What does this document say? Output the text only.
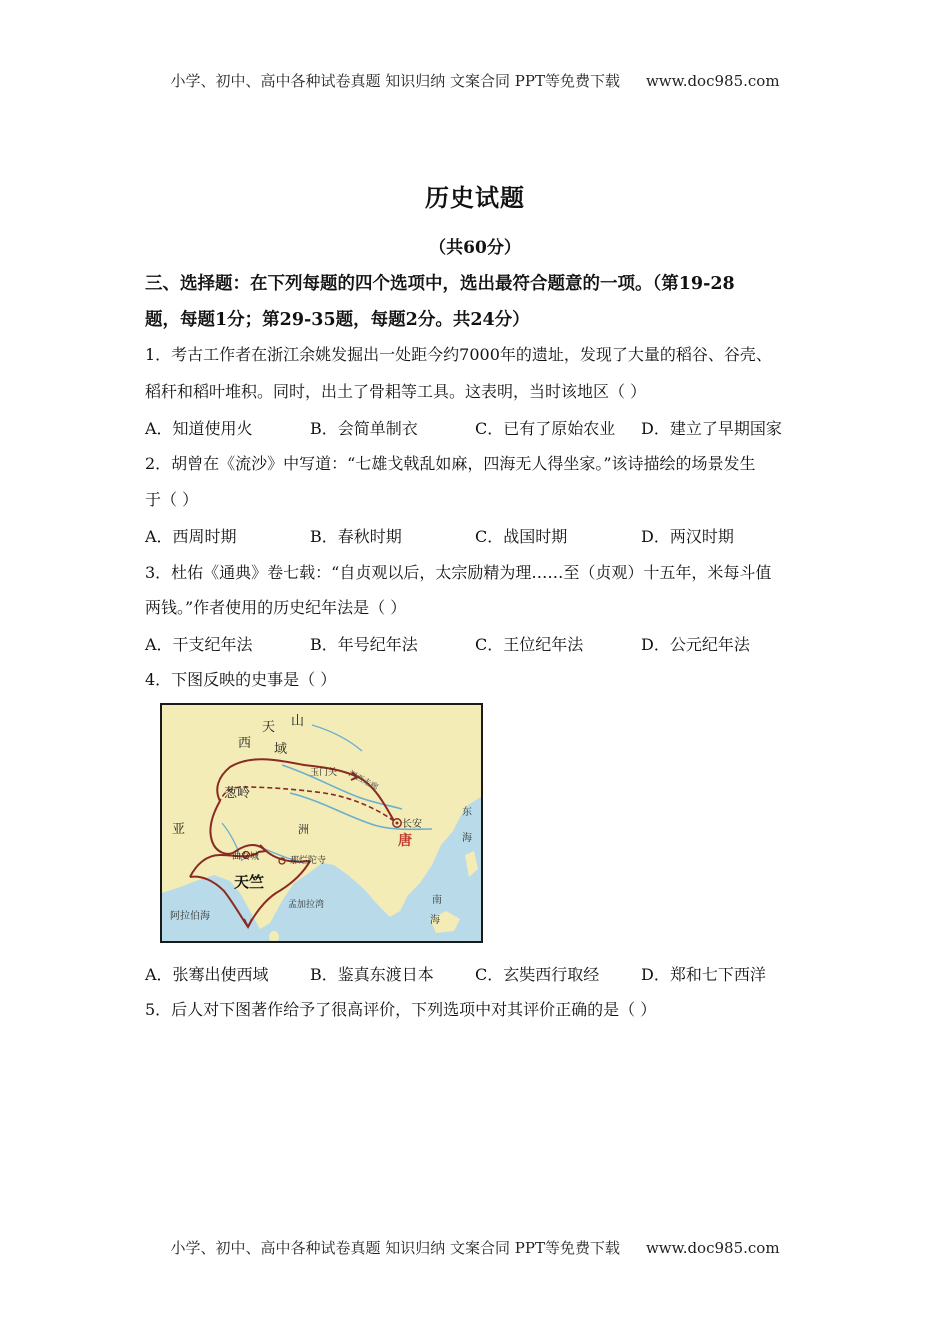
小学、初中、高中各种试卷真题 知识归纳 文案合同 PPT等免费下载 www.doc985.com
历史试题
（共60分）
三、选择题：在下列每题的四个选项中，选出最符合题意的一项。（第19-28
题，每题1分；第29-35题，每题2分。共24分）
1．考古工作者在浙江余姚发掘出一处距今约7000年的遗址，发现了大量的稻谷、谷壳、
稻秆和稻叶堆积。同时，出土了骨耜等工具。这表明，当时该地区（ ）
A．知道使用火	B．会简单制衣	C．已有了原始农业 D．建立了早期国家
2．胡曾在《流沙》中写道：“七雄戈戟乱如麻，四海无人得坐家。”该诗描绘的场景发生
于（ ）
A．西周时期	B．春秋时期	C．战国时期	D．两汉时期
3．杜佑《通典》卷七载：“自贞观以后，太宗励精为理……至（贞观）十五年，米每斗值
两钱。”作者使用的历史纪年法是（ ）
A．干支纪年法	B．年号纪年法	C．王位纪年法	D．公元纪年法
4．下图反映的史事是（ ）
天 山
西 域
葱岭
玉门关 河西走廊
长安
唐
亚	洲
曲女城	那烂陀寺
天竺
阿拉伯海
孟加拉湾
东
海
南
海
A．张骞出使西域	B．鉴真东渡日本	C．玄奘西行取经	D．郑和七下西洋
5．后人对下图著作给予了很高评价，下列选项中对其评价正确的是（ ）
小学、初中、高中各种试卷真题 知识归纳 文案合同 PPT等免费下载 www.doc985.com
